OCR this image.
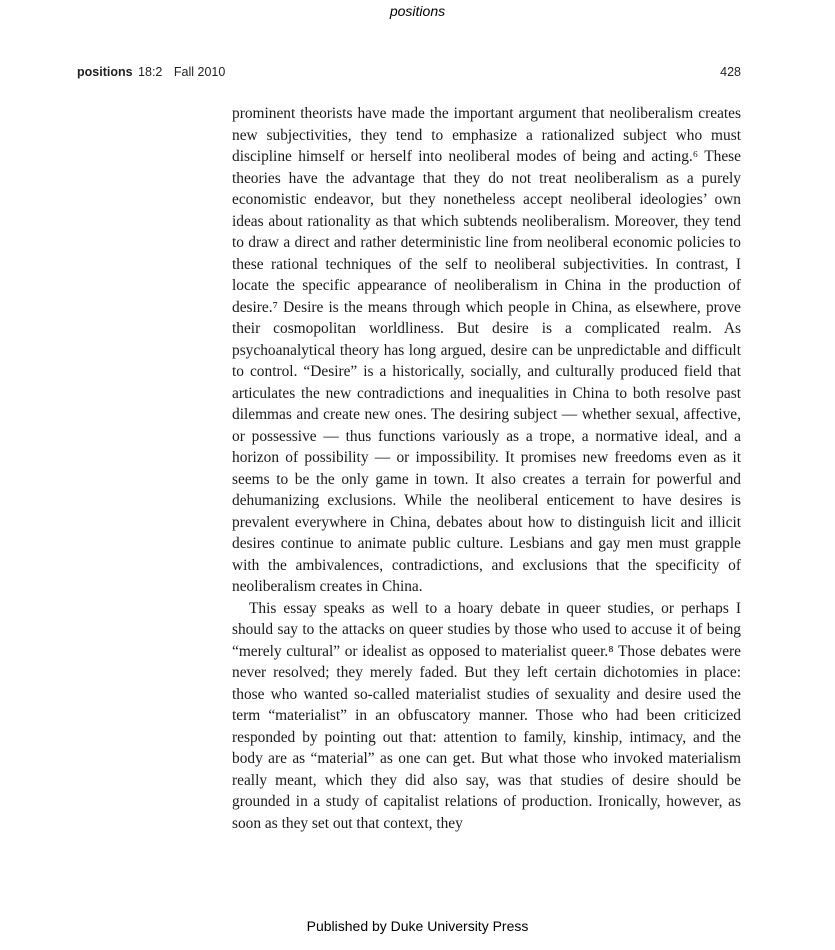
positions
positions 18:2 Fall 2010	428

prominent theorists have made the important argument that neoliberalism creates new subjectivities, they tend to emphasize a rationalized subject who must discipline himself or herself into neoliberal modes of being and acting.⁶ These theories have the advantage that they do not treat neoliberalism as a purely economistic endeavor, but they nonetheless accept neoliberal ideologies’ own ideas about rationality as that which subtends neoliberalism. Moreover, they tend to draw a direct and rather deterministic line from neoliberal economic policies to these rational techniques of the self to neoliberal subjectivities. In contrast, I locate the specific appearance of neoliberalism in China in the production of desire.⁷ Desire is the means through which people in China, as elsewhere, prove their cosmopolitan worldliness. But desire is a complicated realm. As psychoanalytical theory has long argued, desire can be unpredictable and difficult to control. “Desire” is a historically, socially, and culturally produced field that articulates the new contradictions and inequalities in China to both resolve past dilemmas and create new ones. The desiring subject — whether sexual, affective, or possessive — thus functions variously as a trope, a normative ideal, and a horizon of possibility — or impossibility. It promises new freedoms even as it seems to be the only game in town. It also creates a terrain for powerful and dehumanizing exclusions. While the neoliberal enticement to have desires is prevalent everywhere in China, debates about how to distinguish licit and illicit desires continue to animate public culture. Lesbians and gay men must grapple with the ambivalences, contradictions, and exclusions that the specificity of neoliberalism creates in China.

This essay speaks as well to a hoary debate in queer studies, or perhaps I should say to the attacks on queer studies by those who used to accuse it of being “merely cultural” or idealist as opposed to materialist queer.⁸ Those debates were never resolved; they merely faded. But they left certain dichotomies in place: those who wanted so-called materialist studies of sexuality and desire used the term “materialist” in an obfuscatory manner. Those who had been criticized responded by pointing out that: attention to family, kinship, intimacy, and the body are as “material” as one can get. But what those who invoked materialism really meant, which they did also say, was that studies of desire should be grounded in a study of capitalist relations of production. Ironically, however, as soon as they set out that context, they

Published by Duke University Press
